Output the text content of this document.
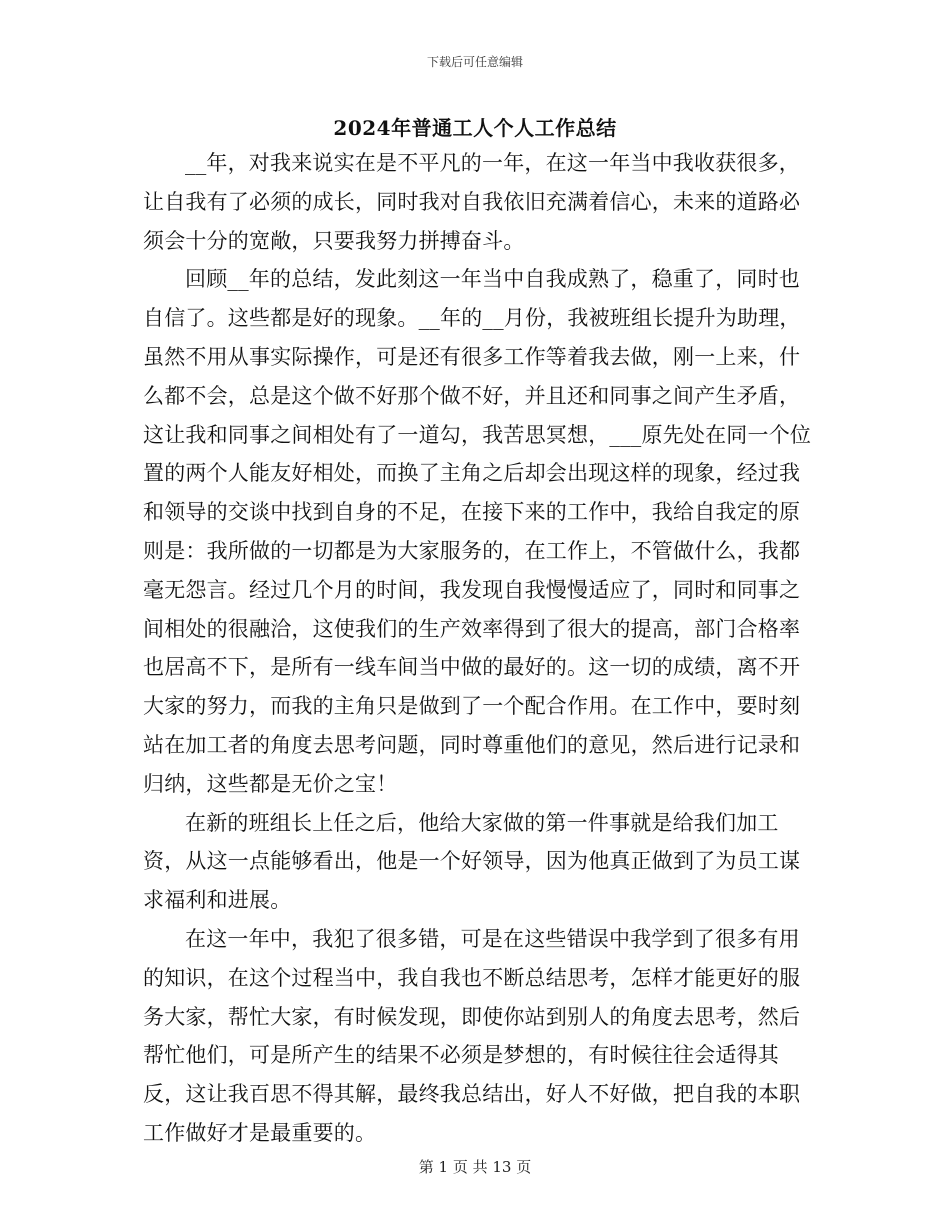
下载后可任意编辑
2024年普通工人个人工作总结

__年，对我来说实在是不平凡的一年，在这一年当中我收获很多，让自我有了必须的成长，同时我对自我依旧充满着信心，未来的道路必须会十分的宽敞，只要我努力拼搏奋斗。

回顾__年的总结，发此刻这一年当中自我成熟了，稳重了，同时也自信了。这些都是好的现象。__年的__月份，我被班组长提升为助理，虽然不用从事实际操作，可是还有很多工作等着我去做，刚一上来，什么都不会，总是这个做不好那个做不好，并且还和同事之间产生矛盾，这让我和同事之间相处有了一道勾，我苦思冥想，___原先处在同一个位置的两个人能友好相处，而换了主角之后却会出现这样的现象，经过我和领导的交谈中找到自身的不足，在接下来的工作中，我给自我定的原则是：我所做的一切都是为大家服务的，在工作上，不管做什么，我都毫无怨言。经过几个月的时间，我发现自我慢慢适应了，同时和同事之间相处的很融洽，这使我们的生产效率得到了很大的提高，部门合格率也居高不下，是所有一线车间当中做的最好的。这一切的成绩，离不开大家的努力，而我的主角只是做到了一个配合作用。在工作中，要时刻站在加工者的角度去思考问题，同时尊重他们的意见，然后进行记录和归纳，这些都是无价之宝！

在新的班组长上任之后，他给大家做的第一件事就是给我们加工资，从这一点能够看出，他是一个好领导，因为他真正做到了为员工谋求福利和进展。

在这一年中，我犯了很多错，可是在这些错误中我学到了很多有用的知识，在这个过程当中，我自我也不断总结思考，怎样才能更好的服务大家，帮忙大家，有时候发现，即使你站到别人的角度去思考，然后帮忙他们，可是所产生的结果不必须是梦想的，有时候往往会适得其反，这让我百思不得其解，最终我总结出，好人不好做，把自我的本职工作做好才是最重要的。

第 1 页 共 13 页
